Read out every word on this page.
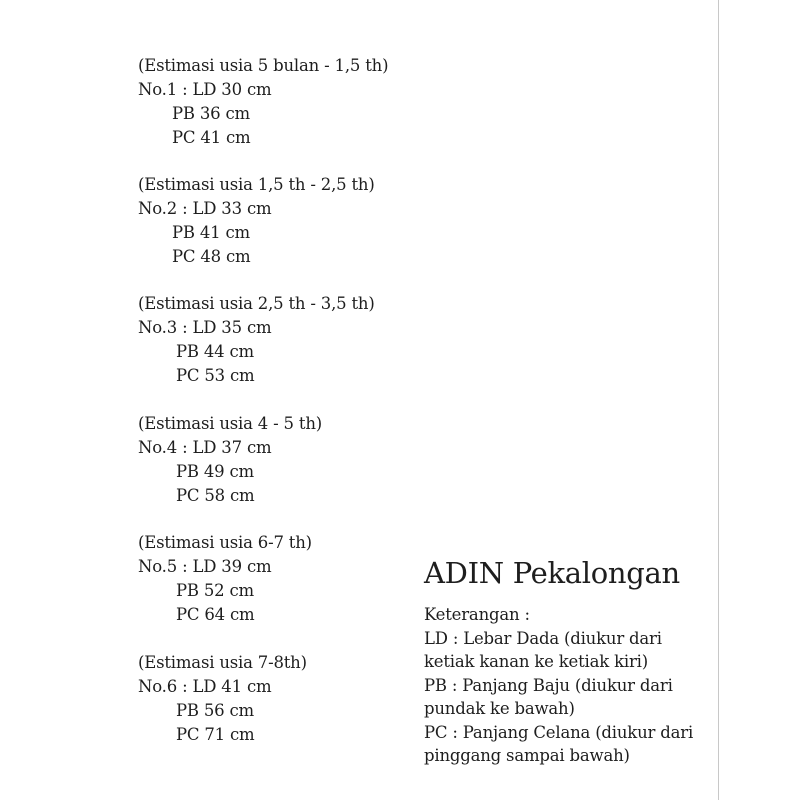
(Estimasi usia 5 bulan - 1,5 th)
No.1 : LD 30 cm
PB 36 cm
PC 41 cm
(Estimasi usia 1,5 th - 2,5 th)
No.2 : LD 33 cm
PB 41 cm
PC 48 cm
(Estimasi usia 2,5 th - 3,5 th)
No.3 : LD 35 cm
PB 44 cm
PC 53 cm
(Estimasi usia 4 - 5 th)
No.4 : LD 37 cm
PB 49 cm
PC 58 cm
(Estimasi usia 6-7 th)
No.5 : LD 39 cm
PB 52 cm
PC 64 cm
(Estimasi usia 7-8th)
No.6 : LD 41 cm
PB 56 cm
PC 71 cm
ADIN Pekalongan
Keterangan :
LD : Lebar Dada (diukur dari
ketiak kanan ke ketiak kiri)
PB : Panjang Baju (diukur dari
pundak ke bawah)
PC : Panjang Celana (diukur dari
pinggang sampai bawah)
